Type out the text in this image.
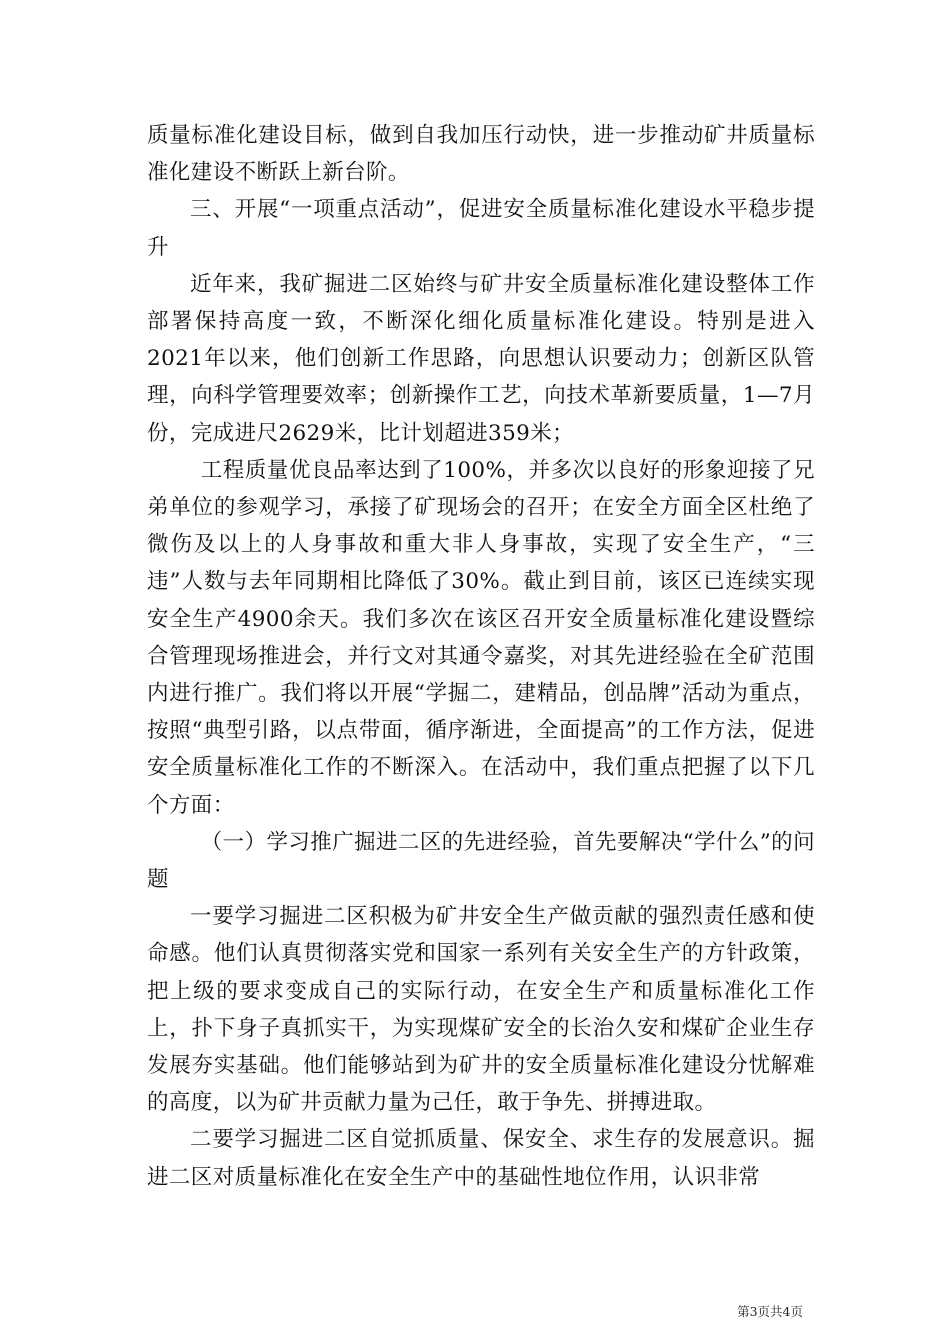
质量标准化建设目标，做到自我加压行动快，进一步推动矿井质量标准化建设不断跃上新台阶。

三、开展“一项重点活动”，促进安全质量标准化建设水平稳步提升

近年来，我矿掘进二区始终与矿井安全质量标准化建设整体工作部署保持高度一致，不断深化细化质量标准化建设。特别是进入2021年以来，他们创新工作思路，向思想认识要动力；创新区队管理，向科学管理要效率；创新操作工艺，向技术革新要质量，1—7月份，完成进尺2629米，比计划超进359米；

工程质量优良品率达到了100%，并多次以良好的形象迎接了兄弟单位的参观学习，承接了矿现场会的召开；在安全方面全区杜绝了微伤及以上的人身事故和重大非人身事故，实现了安全生产，“三违”人数与去年同期相比降低了30%。截止到目前，该区已连续实现安全生产4900余天。我们多次在该区召开安全质量标准化建设暨综合管理现场推进会，并行文对其通令嘉奖，对其先进经验在全矿范围内进行推广。我们将以开展“学掘二，建精品，创品牌”活动为重点，按照“典型引路，以点带面，循序渐进，全面提高”的工作方法，促进安全质量标准化工作的不断深入。在活动中，我们重点把握了以下几个方面：

（一）学习推广掘进二区的先进经验，首先要解决“学什么”的问题

一要学习掘进二区积极为矿井安全生产做贡献的强烈责任感和使命感。他们认真贯彻落实党和国家一系列有关安全生产的方针政策，把上级的要求变成自己的实际行动，在安全生产和质量标准化工作上，扑下身子真抓实干，为实现煤矿安全的长治久安和煤矿企业生存发展夯实基础。他们能够站到为矿井的安全质量标准化建设分忧解难的高度，以为矿井贡献力量为己任，敢于争先、拼搏进取。

二要学习掘进二区自觉抓质量、保安全、求生存的发展意识。掘进二区对质量标准化在安全生产中的基础性地位作用，认识非常

第3页共4页
